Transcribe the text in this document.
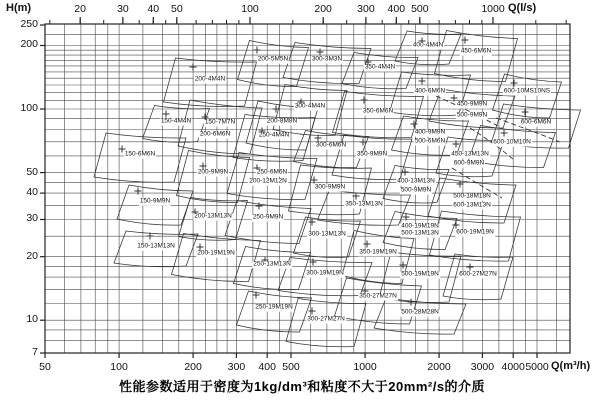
H(m)	Q(l/s)
Q(m³/h)
性能参数适用于密度为1kg/dm³和粘度不大于20mm²/s的介质
20	30 40 50	100	200 300 400 500	1000
50	100	200 300 400 500	1000	2000 3000 4000 5000
250
200
100
50
40
30
20
10
7
400-4M4N
450-6M6N
200-5M5N	300-3M3N
350-4M4N
200-4M4N
400-6M6N	600-10MS10NS
450-9M9N
300-4M4N
350-6M6N
500-9M9N
150-4M4N 150-7M7N	200-8M8N	600-6M6N
400-9M9N
200-6M6N	250-4M4N
500-6M6N	600-10M10N
300-6M6N
150-6M6N	350-9M9N	450-13M13N
600-9M9N
200-9M9N	250-6M6N
200-12M12N	400-13M13N
300-9M9N	500-9M9N
500-18M18N
150-9M9N	350-13M13N	600-13M13N
200-13M13N	250-9M9N
400-19M19N
600-19M19N
500-13M13N
300-13M13N
150-13M13N
350-19M19N
200-19M19N
250-13M13N
300-19M19N	500-19M19N	600-27M27N
350-27M27N
250-19M19N
500-28M28N
300-27M27N
